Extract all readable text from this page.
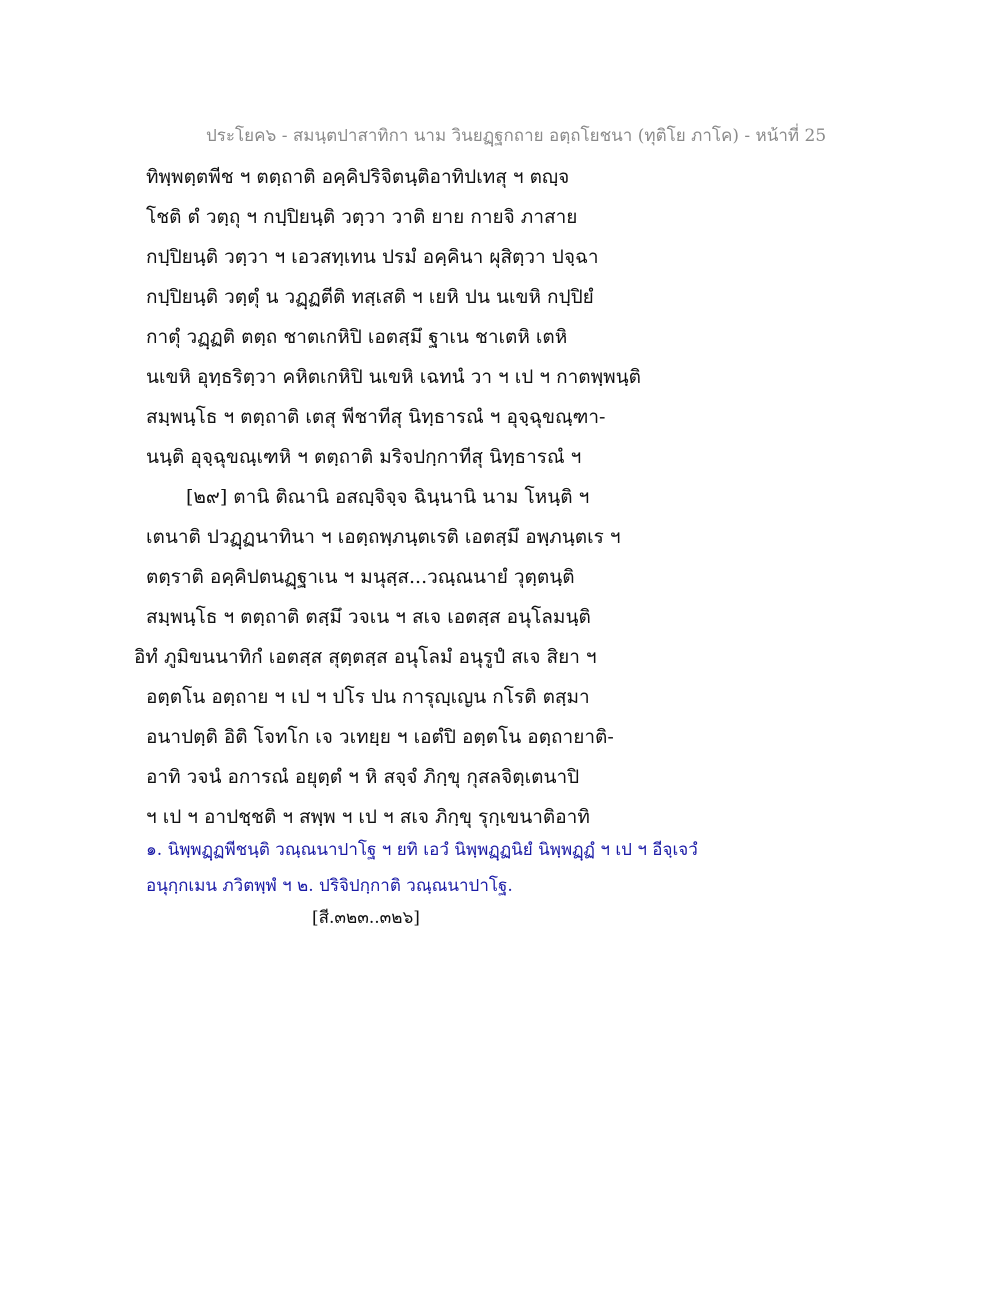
ประโยค๖ - สมนฺตปาสาทิกา นาม วินยฏฺฐกถาย อตฺถโยชนา (ทุติโย ภาโค) - หน้าที่ 25
ทิพฺพตฺตพีช ฯ ตตฺถาติ อคฺคิปริจิตนฺติอาทิปเทสุ ฯ ตญฺจ
โชติ ตํ วตฺถุ ฯ กปฺปิยนฺติ วตฺวา วาติ ยาย กายจิ ภาสาย
กปฺปิยนฺติ วตฺวา ฯ เอวสทฺเทน ปรมํ อคฺคินา ผุสิตฺวา ปจฺฉา
กปฺปิยนฺติ วตฺตุํ น วฏฺฏตีติ ทสฺเสติ ฯ เยหิ ปน นเขหิ กปฺปิยํ
กาตุํ วฏฺฏติ ตตฺถ ชาตเกหิปิ เอตสฺมึ ฐาเน ชาเตหิ เตหิ
นเขหิ อุทฺธริตฺวา คหิตเกหิปิ นเขหิ เฉทนํ วา ฯ เป ฯ กาตพฺพนฺติ
สมฺพนฺโธ ฯ ตตฺถาติ เตสุ พีชาทีสุ นิทฺธารณํ ฯ อุจฺฉุขณฺฑา-
นนฺติ อุจฺฉุขณฺเฑหิ ฯ ตตฺถาติ มริจปกฺกาทีสุ นิทฺธารณํ ฯ
[๒๙] ตานิ ติณานิ อสญฺจิจฺจ ฉินฺนานิ นาม โหนฺติ ฯ
เตนาติ ปวฏฺฏนาทินา ฯ เอตฺถพฺภนฺตเรติ เอตสฺมึ อพฺภนฺตเร ฯ
ตตฺราติ อคฺคิปตนฏฺฐาเน ฯ มนุสฺส...วณฺณนายํ วุตฺตนฺติ
สมฺพนฺโธ ฯ ตตฺถาติ ตสฺมึ วจเน ฯ สเจ เอตสฺส อนุโลมนฺติ
อิทํ ภูมิขนนาทิกํ เอตสฺส สุตฺตสฺส อนุโลมํ อนุรูปํ สเจ สิยา ฯ
อตฺตโน อตฺถาย ฯ เป ฯ ปโร ปน การุญฺเญน กโรติ ตสฺมา
อนาปตฺติ อิติ โจทโก เจ วเทยฺย ฯ เอตํปิ อตฺตโน อตฺถายาติ-
อาทิ วจนํ อการณํ อยุตฺตํ ฯ หิ สจฺจํ ภิกฺขุ กุสลจิตฺเตนาปิ
ฯ เป ฯ อาปชฺชติ ฯ สพฺพ ฯ เป ฯ สเจ ภิกฺขุ รุกฺเขนาติอาทิ
๑. นิพฺพฏฺฏพีชนฺติ วณฺณนาปาโฐ ฯ ยทิ เอวํ นิพฺพฏฺฏนิยํ นิพฺพฏฺฏํ ฯ เป ฯ อีจฺเจวํ
อนุกฺกเมน ภวิตพฺพํ ฯ ๒. ปริจิปกฺกาติ วณฺณนาปาโฐ.
[สี.๓๒๓..๓๒๖]
